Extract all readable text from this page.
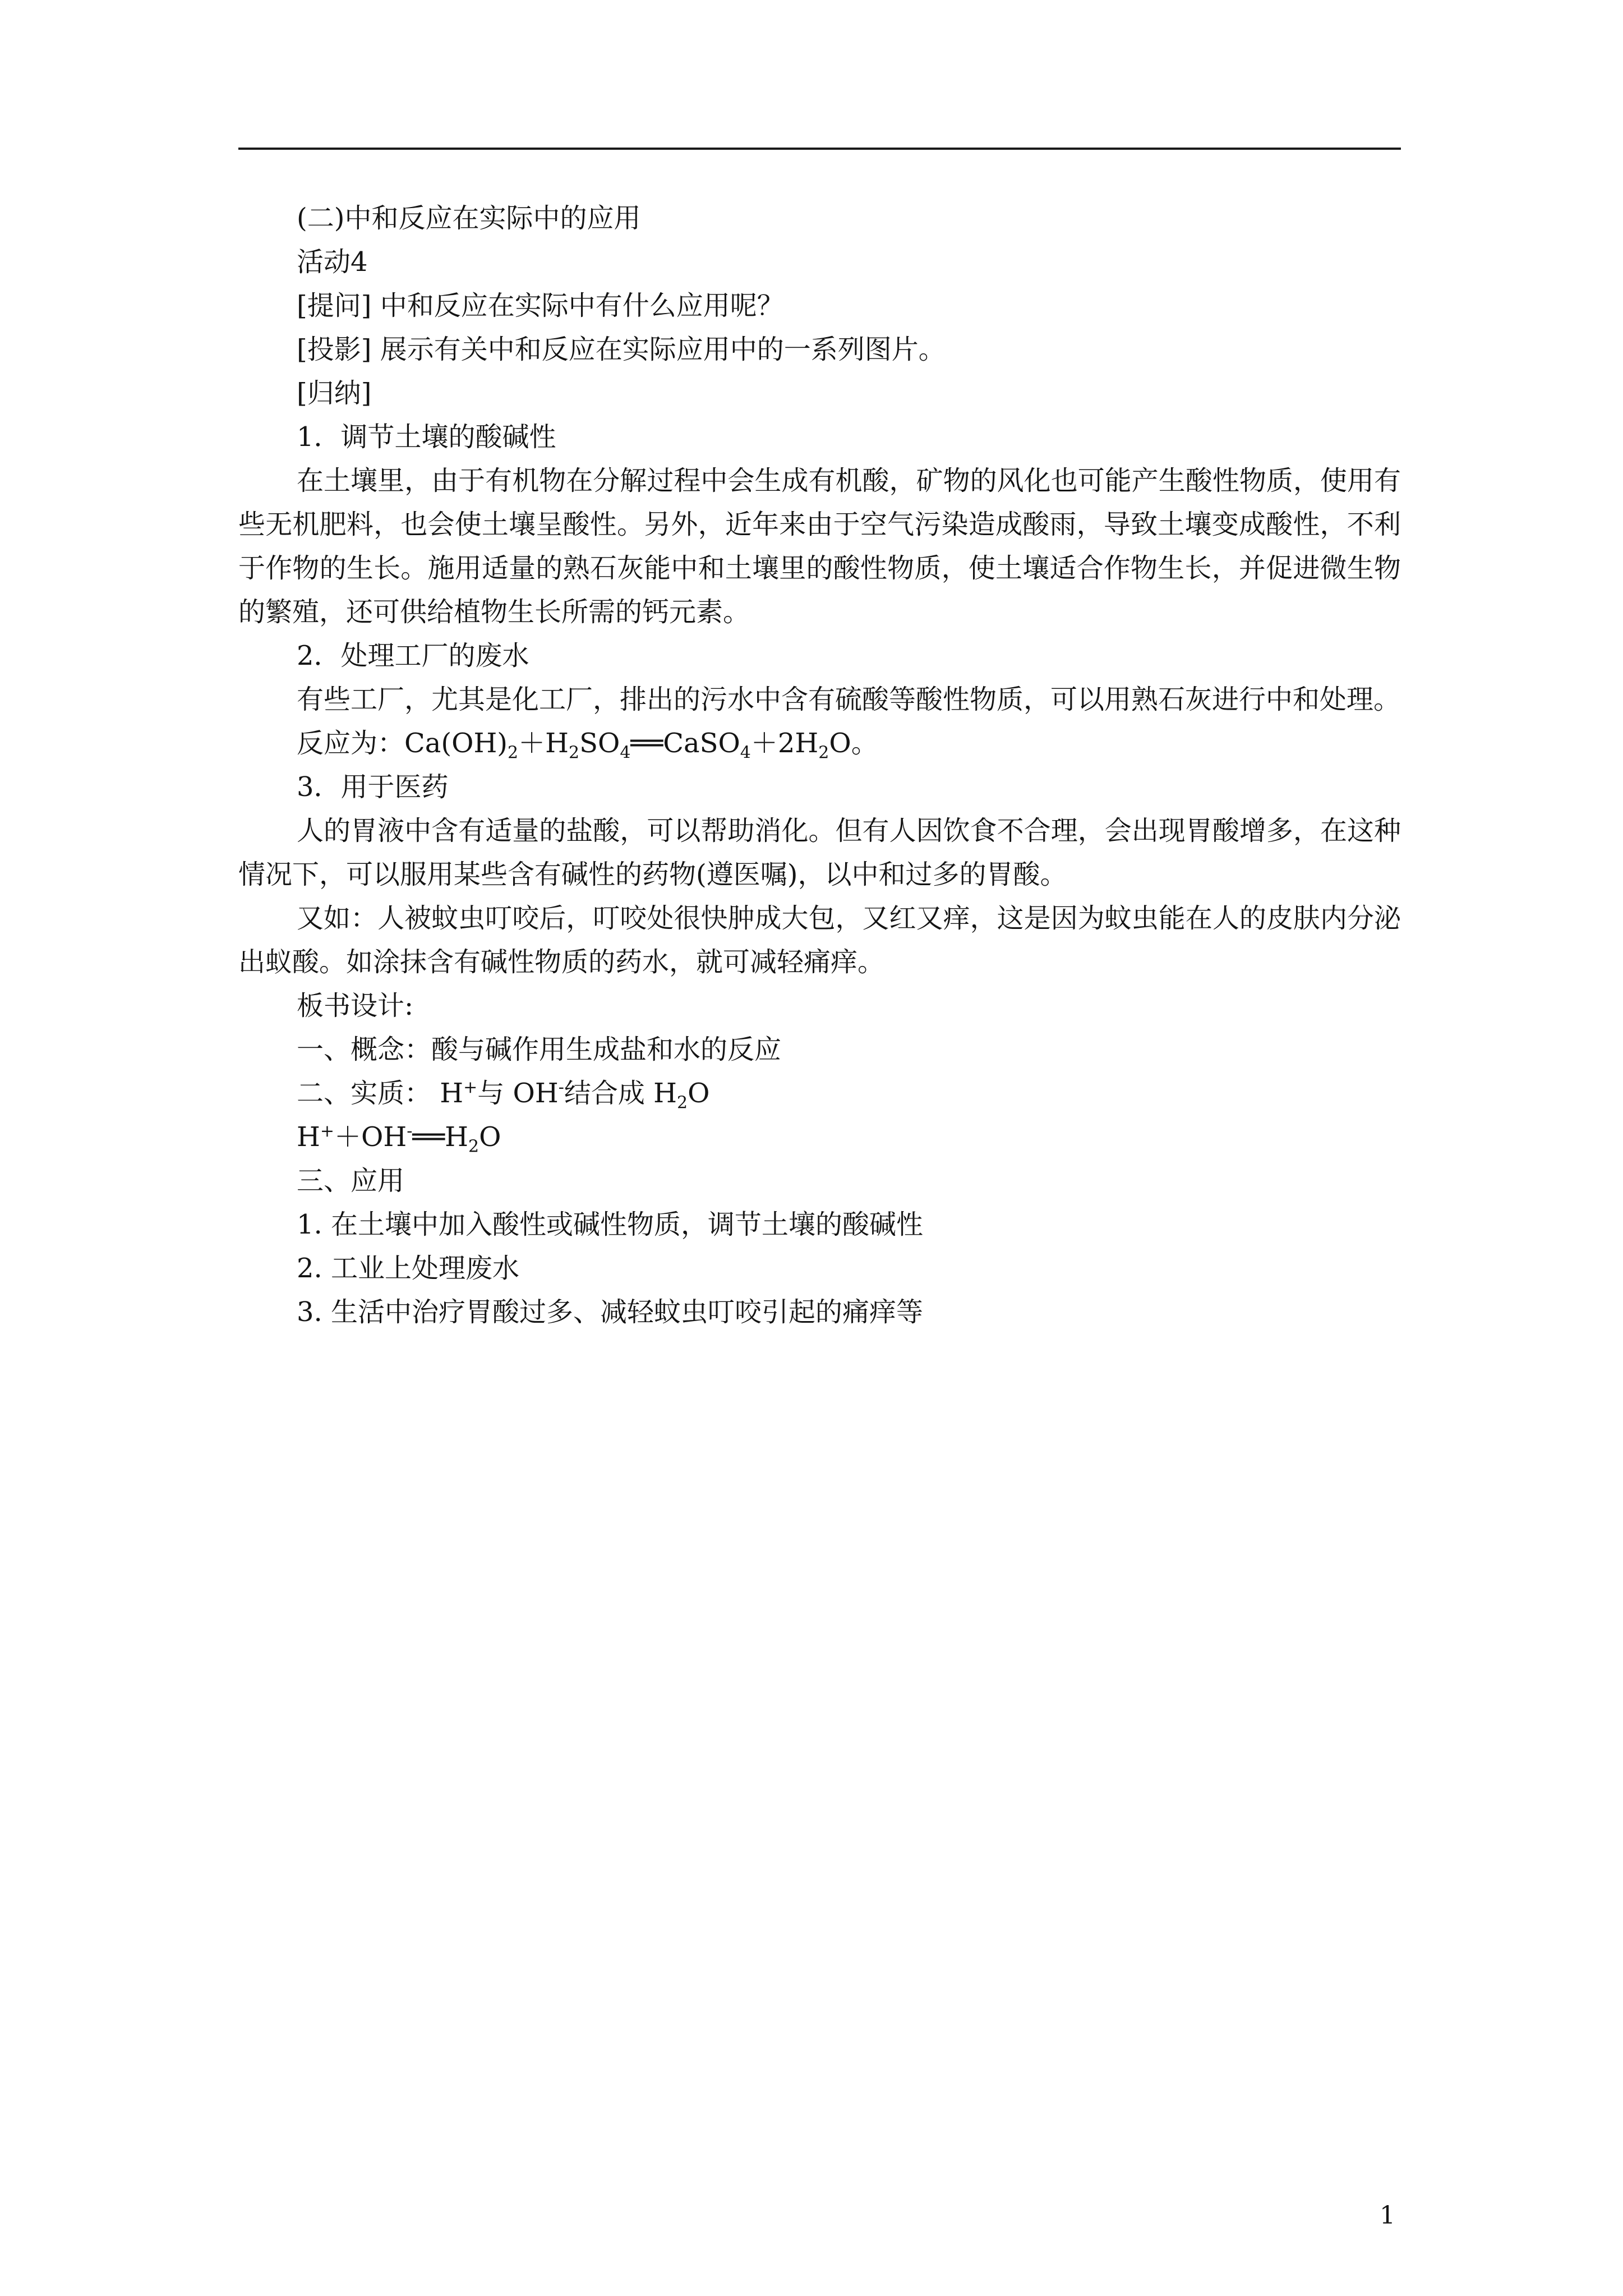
(二)中和反应在实际中的应用

活动4

[提问] 中和反应在实际中有什么应用呢？

[投影] 展示有关中和反应在实际应用中的一系列图片。

[归纳]

1．调节土壤的酸碱性

在土壤里，由于有机物在分解过程中会生成有机酸，矿物的风化也可能产生酸性物质，使用有些无机肥料，也会使土壤呈酸性。另外，近年来由于空气污染造成酸雨，导致土壤变成酸性，不利于作物的生长。施用适量的熟石灰能中和土壤里的酸性物质，使土壤适合作物生长，并促进微生物的繁殖，还可供给植物生长所需的钙元素。

2．处理工厂的废水

有些工厂，尤其是化工厂，排出的污水中含有硫酸等酸性物质，可以用熟石灰进行中和处理。

反应为：$Ca(OH)_2+H_2SO_4══CaSO_4+2H_2O$。

3．用于医药

人的胃液中含有适量的盐酸，可以帮助消化。但有人因饮食不合理，会出现胃酸增多，在这种情况下，可以服用某些含有碱性的药物(遵医嘱)，以中和过多的胃酸。

又如：人被蚊虫叮咬后，叮咬处很快肿成大包，又红又痒，这是因为蚊虫能在人的皮肤内分泌出蚁酸。如涂抹含有碱性物质的药水，就可减轻痛痒。

板书设计:

一、概念：酸与碱作用生成盐和水的反应

二、实质： H+与 OH-结合成 $H_2O$

$H^++OH^-══H_2O$

三、应用

1. 在土壤中加入酸性或碱性物质，调节土壤的酸碱性

2. 工业上处理废水

3. 生活中治疗胃酸过多、减轻蚊虫叮咬引起的痛痒等

1
